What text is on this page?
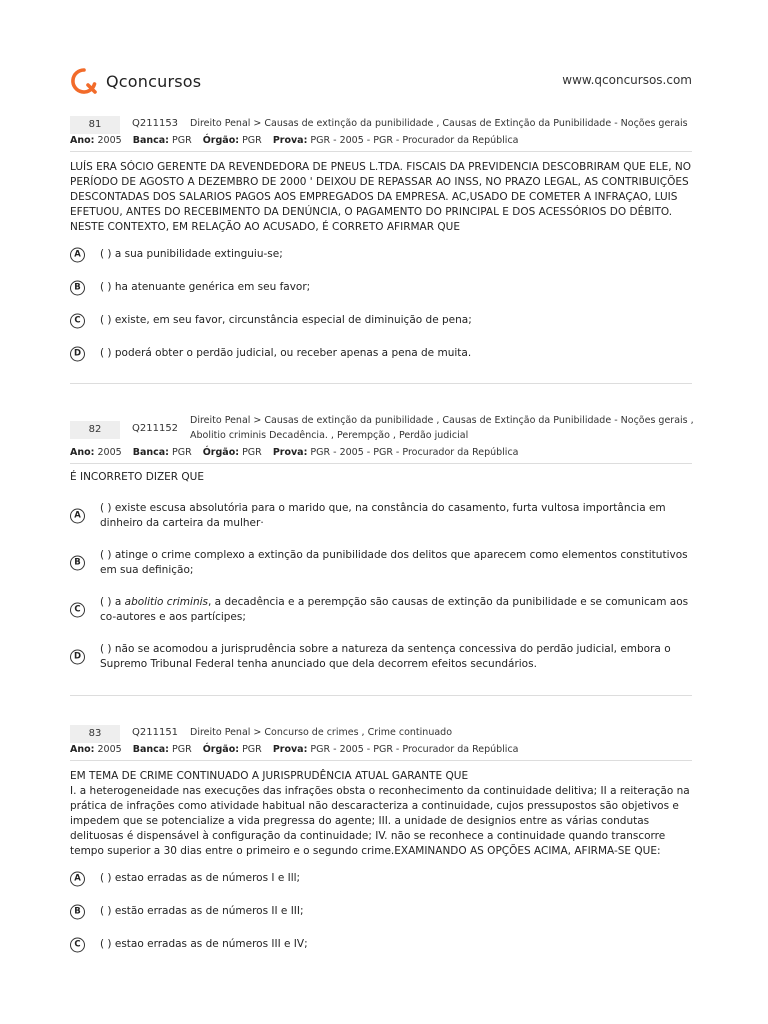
Qconcursos	www.qconcursos.com
81	Q211153 Direito Penal > Causas de extinção da punibilidade , Causas de Extinção da Punibilidade - Noções gerais
Ano: 2005 Banca: PGR Órgão: PGR Prova: PGR - 2005 - PGR - Procurador da República
LUÍS ERA SÓCIO GERENTE DA REVENDEDORA DE PNEUS L.TDA. FISCAIS DA PREVIDENCIA DESCOBRIRAM QUE ELE, NO PERÍODO DE AGOSTO A DEZEMBRO DE 2000 ' DEIXOU DE REPASSAR AO INSS, NO PRAZO LEGAL, AS CONTRIBUIÇÕES DESCONTADAS DOS SALARIOS PAGOS AOS EMPREGADOS DA EMPRESA. AC,USADO DE COMETER A INFRAÇAO, LUIS EFETUOU, ANTES DO RECEBIMENTO DA DENÚNCIA, O PAGAMENTO DO PRINCIPAL E DOS ACESSÓRIOS DO DÉBITO. NESTE CONTEXTO, EM RELAÇÃO AO ACUSADO, É CORRETO AFIRMAR QUE
A	( ) a sua punibilidade extinguiu-se;
B	( ) ha atenuante genérica em seu favor;
C	( ) existe, em seu favor, circunstância especial de diminuição de pena;
D	( ) poderá obter o perdão judicial, ou receber apenas a pena de muita.
82	Q211152
Direito Penal > Causas de extinção da punibilidade , Causas de Extinção da Punibilidade - Noções gerais , Abolitio criminis Decadência. , Perempção , Perdão judicial
Ano: 2005 Banca: PGR Órgão: PGR Prova: PGR - 2005 - PGR - Procurador da República
É INCORRETO DIZER QUE
A
( ) existe escusa absolutória para o marido que, na constância do casamento, furta vultosa importância em dinheiro da carteira da mulher·
B
( ) atinge o crime complexo a extinção da punibilidade dos delitos que aparecem como elementos constitutivos em sua definição;
C
( ) a abolitio criminis, a decadência e a perempção são causas de extinção da punibilidade e se comunicam aos co-autores e aos partícipes;
D
( ) não se acomodou a jurisprudência sobre a natureza da sentença concessiva do perdão judicial, embora o Supremo Tribunal Federal tenha anunciado que dela decorrem efeitos secundários.
83	Q211151 Direito Penal > Concurso de crimes , Crime continuado
Ano: 2005 Banca: PGR Órgão: PGR Prova: PGR - 2005 - PGR - Procurador da República
EM TEMA DE CRIME CONTINUADO A JURISPRUDÊNCIA ATUAL GARANTE QUE
I. a heterogeneidade nas execuções das infrações obsta o reconhecimento da continuidade delitiva; II a reiteração na prática de infrações como atividade habitual não descaracteriza a continuidade, cujos pressupostos são objetivos e impedem que se potencialize a vida pregressa do agente; III. a unidade de designios entre as várias condutas delituosas é dispensável à configuração da continuidade; IV. não se reconhece a continuidade quando transcorre tempo superior a 30 dias entre o primeiro e o segundo crime.EXAMINANDO AS OPÇÕES ACIMA, AFIRMA-SE QUE:
A	( ) estao erradas as de números I e Ill;
B	( ) estão erradas as de números II e III;
C	( ) estao erradas as de números III e IV;
